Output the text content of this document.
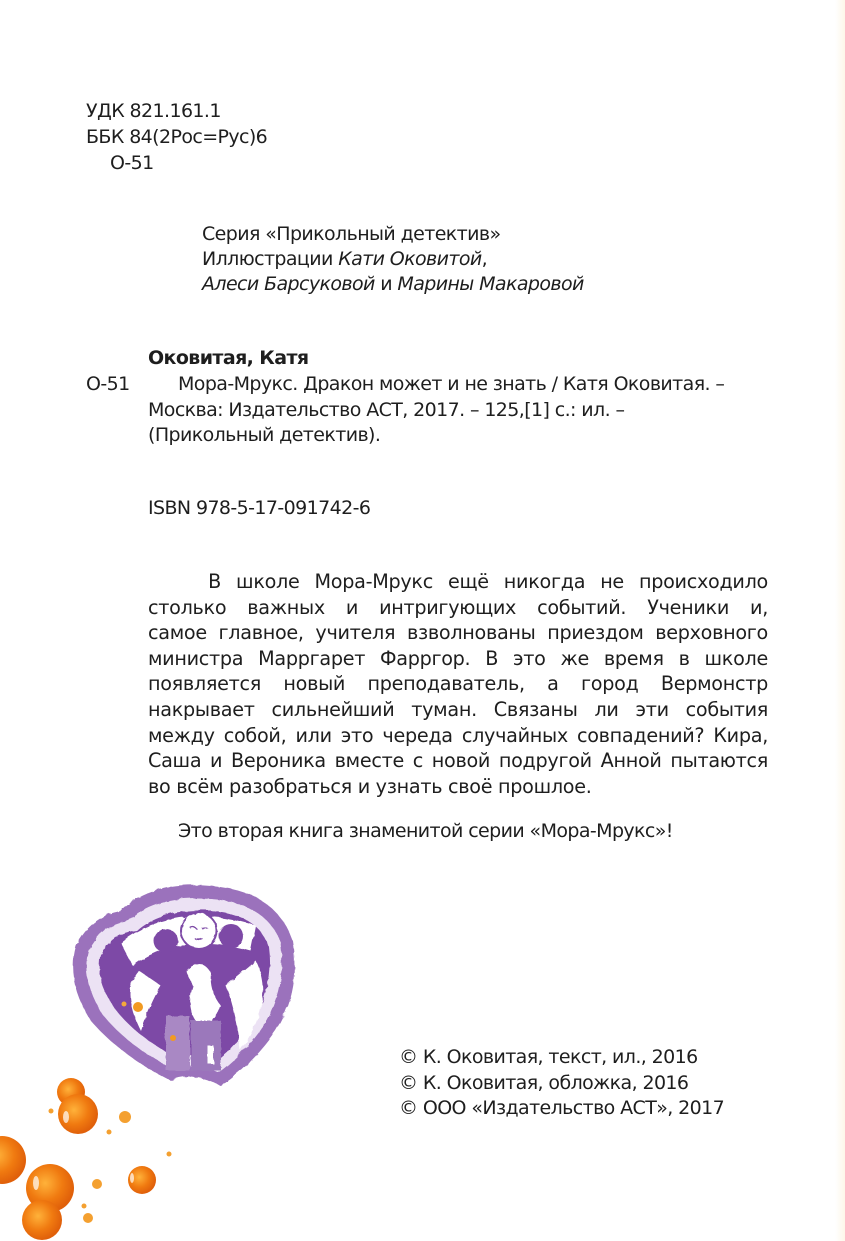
УДК 821.161.1
ББК 84(2Рос=Рус)6
О-51
Серия «Прикольный детектив»
Иллюстрации Кати Оковитой,
Алеси Барсуковой и Марины Макаровой
Оковитая, Катя
О-51	Мора-Мрукс. Дракон может и не знать / Катя Оковитая. –
Москва: Издательство АСТ, 2017. – 125,[1] с.: ил. –
(Прикольный детектив).
ISBN 978-5-17-091742-6
В школе Мора-Мрукс ещё никогда не происходило
столько важных и интригующих событий. Ученики и,
самое главное, учителя взволнованы приездом верховного
министра Марргарет Фарргор. В это же время в школе
появляется новый преподаватель, а город Вермонстр
накрывает сильнейший туман. Связаны ли эти события
между собой, или это череда случайных совпадений? Кира,
Саша и Вероника вместе с новой подругой Анной пытаются
во всём разобраться и узнать своё прошлое.
Это вторая книга знаменитой серии «Мора-Мрукс»!
© К. Оковитая, текст, ил., 2016
© К. Оковитая, обложка, 2016
© ООО «Издательство АСТ», 2017
